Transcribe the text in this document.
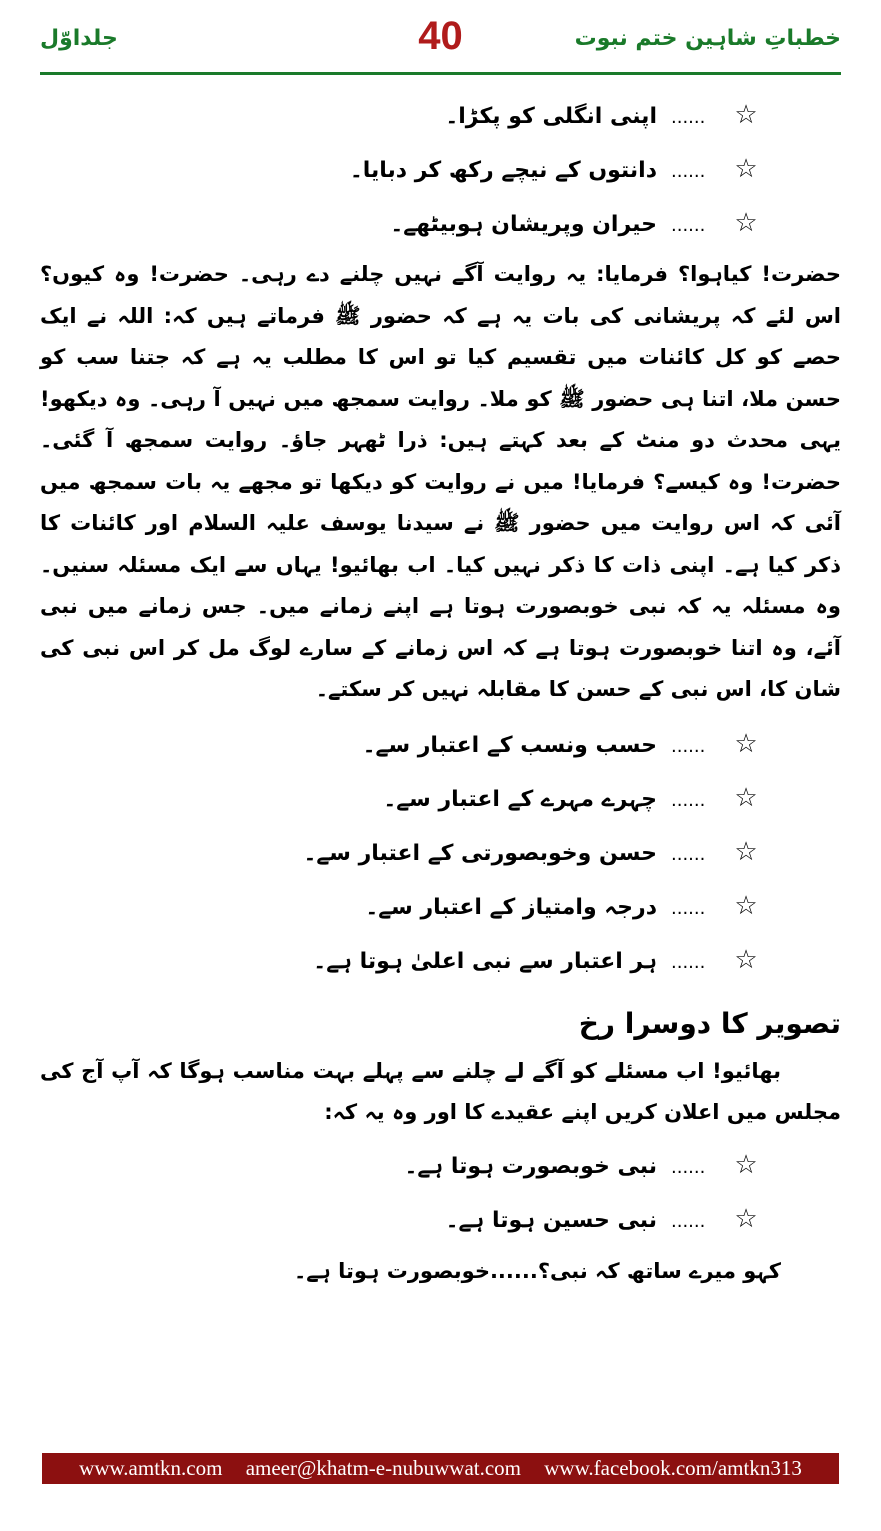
جلداوّل	40	خطباتِ شاہین ختم نبوت
☆......اپنی انگلی کو پکڑا۔
☆......دانتوں کے نیچے رکھ کر دبایا۔
☆......حیران وپریشان ہوبیٹھے۔

حضرت! کیاہوا؟ فرمایا: یہ روایت آگے نہیں چلنے دے رہی۔ حضرت! وہ کیوں؟ اس لئے کہ پریشانی کی بات یہ ہے کہ حضور ﷺ فرماتے ہیں کہ: اللہ نے ایک حصے کو کل کائنات میں تقسیم کیا تو اس کا مطلب یہ ہے کہ جتنا سب کو حسن ملا، اتنا ہی حضور ﷺ کو ملا۔ روایت سمجھ میں نہیں آ رہی۔ وہ دیکھو! یہی محدث دو منٹ کے بعد کہتے ہیں: ذرا ٹھہر جاؤ۔ روایت سمجھ آ گئی۔ حضرت! وہ کیسے؟ فرمایا! میں نے روایت کو دیکھا تو مجھے یہ بات سمجھ میں آئی کہ اس روایت میں حضور ﷺ نے سیدنا یوسف علیہ السلام اور کائنات کا ذکر کیا ہے۔ اپنی ذات کا ذکر نہیں کیا۔ اب بھائیو! یہاں سے ایک مسئلہ سنیں۔ وہ مسئلہ یہ کہ نبی خوبصورت ہوتا ہے اپنے زمانے میں۔ جس زمانے میں نبی آئے، وہ اتنا خوبصورت ہوتا ہے کہ اس زمانے کے سارے لوگ مل کر اس نبی کی شان کا، اس نبی کے حسن کا مقابلہ نہیں کر سکتے۔

☆......حسب ونسب کے اعتبار سے۔
☆......چہرے مہرے کے اعتبار سے۔
☆......حسن وخوبصورتی کے اعتبار سے۔
☆......درجہ وامتیاز کے اعتبار سے۔
☆......ہر اعتبار سے نبی اعلیٰ ہوتا ہے۔
تصویر کا دوسرا رخ

بھائیو! اب مسئلے کو آگے لے چلنے سے پہلے بہت مناسب ہوگا کہ آپ آج کی مجلس میں اعلان کریں اپنے عقیدے کا اور وہ یہ کہ:

☆......نبی خوبصورت ہوتا ہے۔
☆......نبی حسین ہوتا ہے۔
کہو میرے ساتھ کہ نبی؟......خوبصورت ہوتا ہے۔
www.amtkn.com ameer@khatm-e-nubuwwat.com www.facebook.com/amtkn313
